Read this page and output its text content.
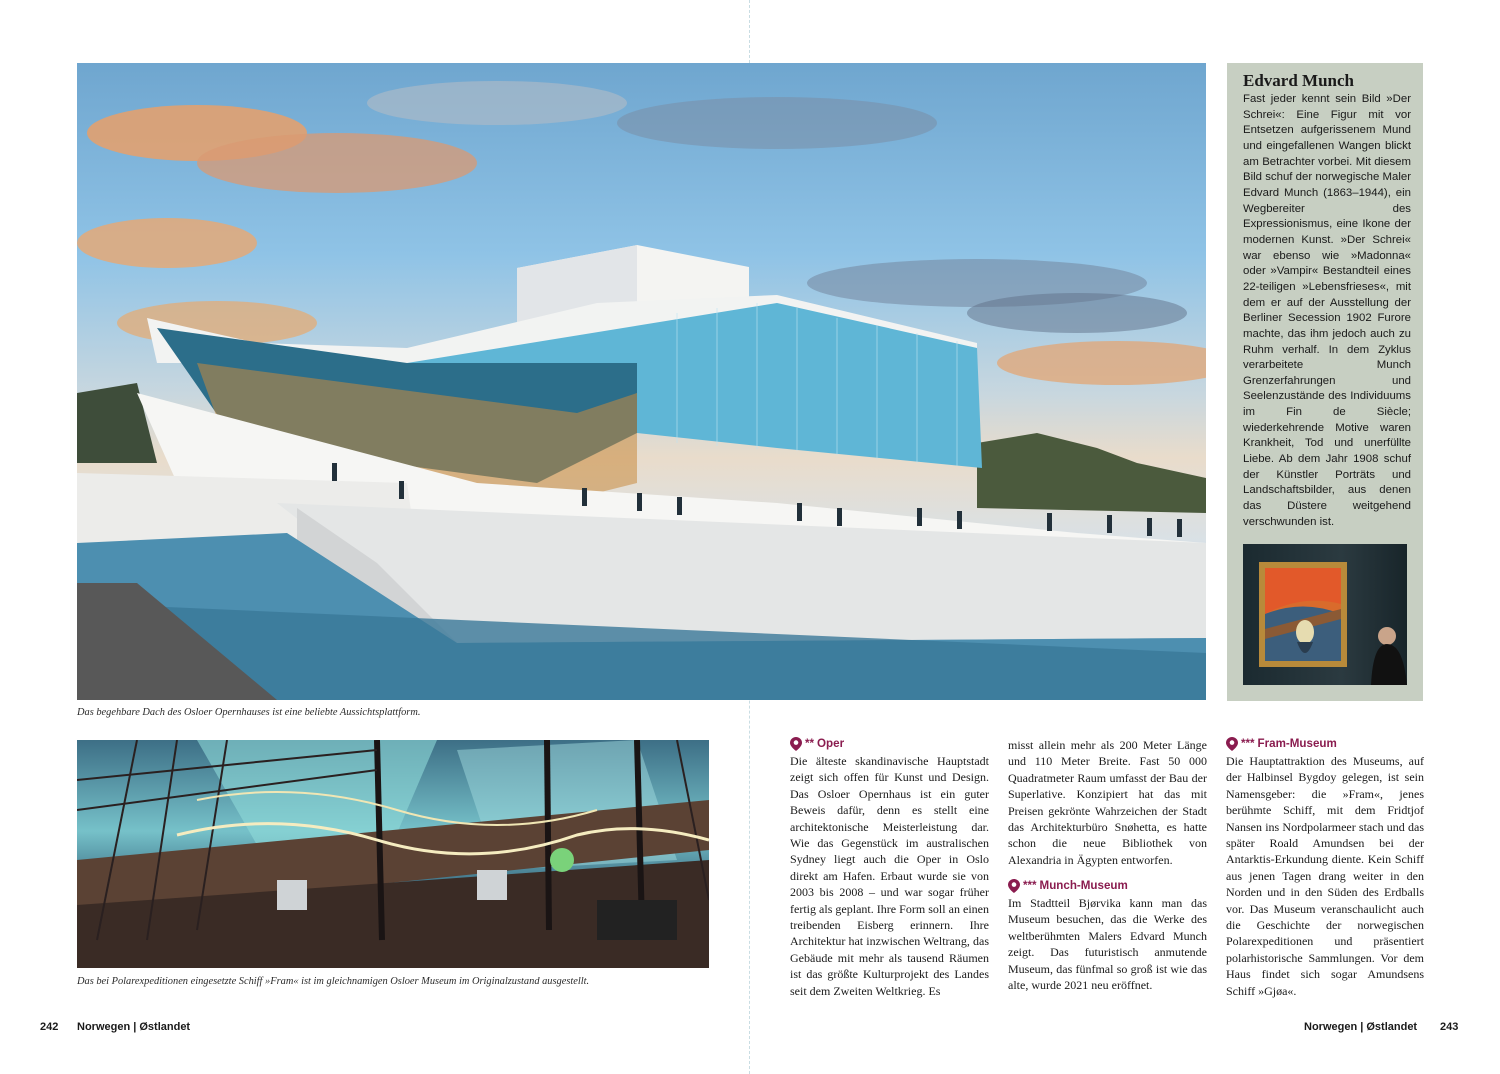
Das begehbare Dach des Osloer Opernhauses ist eine beliebte Aussichtsplattform.
Das bei Polarexpeditionen eingesetzte Schiff »Fram« ist im gleichnamigen Osloer Museum im Originalzustand ausgestellt.
Edvard Munch
Fast jeder kennt sein Bild »Der Schrei«: Eine Figur mit vor Entsetzen aufgerissenem Mund und eingefallenen Wangen blickt am Betrachter vorbei. Mit diesem Bild schuf der norwegische Maler Edvard Munch (1863–1944), ein Wegbereiter des Expressionismus, eine Ikone der modernen Kunst. »Der Schrei« war ebenso wie »Madonna« oder »Vampir« Bestandteil eines 22-teiligen »Lebensfrieses«, mit dem er auf der Ausstellung der Berliner Secession 1902 Furore machte, das ihm jedoch auch zu Ruhm verhalf. In dem Zyklus verarbeitete Munch Grenzerfahrungen und Seelenzustände des Individuums im Fin de Siècle; wiederkehrende Motive waren Krankheit, Tod und unerfüllte Liebe. Ab dem Jahr 1908 schuf der Künstler Porträts und Landschaftsbilder, aus denen das Düstere weitgehend verschwunden ist.
** Oper
Die älteste skandinavische Hauptstadt zeigt sich offen für Kunst und Design. Das Osloer Opernhaus ist ein guter Beweis dafür, denn es stellt eine architektonische Meisterleistung dar. Wie das Gegenstück im australischen Sydney liegt auch die Oper in Oslo direkt am Hafen. Erbaut wurde sie von 2003 bis 2008 – und war sogar früher fertig als geplant. Ihre Form soll an einen treibenden Eisberg erinnern. Ihre Architektur hat inzwischen Weltrang, das Gebäude mit mehr als tausend Räumen ist das größte Kulturprojekt des Landes seit dem Zweiten Weltkrieg. Es
misst allein mehr als 200 Meter Länge und 110 Meter Breite. Fast 50 000 Quadratmeter Raum umfasst der Bau der Superlative. Konzipiert hat das mit Preisen gekrönte Wahrzeichen der Stadt das Architekturbüro Snøhetta, es hatte schon die neue Bibliothek von Alexandria in Ägypten entworfen.
*** Munch-Museum
Im Stadtteil Bjørvika kann man das Museum besuchen, das die Werke des weltberühmten Malers Edvard Munch zeigt. Das futuristisch anmutende Museum, das fünfmal so groß ist wie das alte, wurde 2021 neu eröffnet.
*** Fram-Museum
Die Hauptattraktion des Museums, auf der Halbinsel Bygdoy gelegen, ist sein Namensgeber: die »Fram«, jenes berühmte Schiff, mit dem Fridtjof Nansen ins Nordpolarmeer stach und das später Roald Amundsen bei der Antarktis-Erkundung diente. Kein Schiff aus jenen Tagen drang weiter in den Norden und in den Süden des Erdballs vor. Das Museum veranschaulicht auch die Geschichte der norwegischen Polarexpeditionen und präsentiert polarhistorische Sammlungen. Vor dem Haus findet sich sogar Amundsens Schiff »Gjøa«.
242 Norwegen | Østlandet	Norwegen | Østlandet 243
